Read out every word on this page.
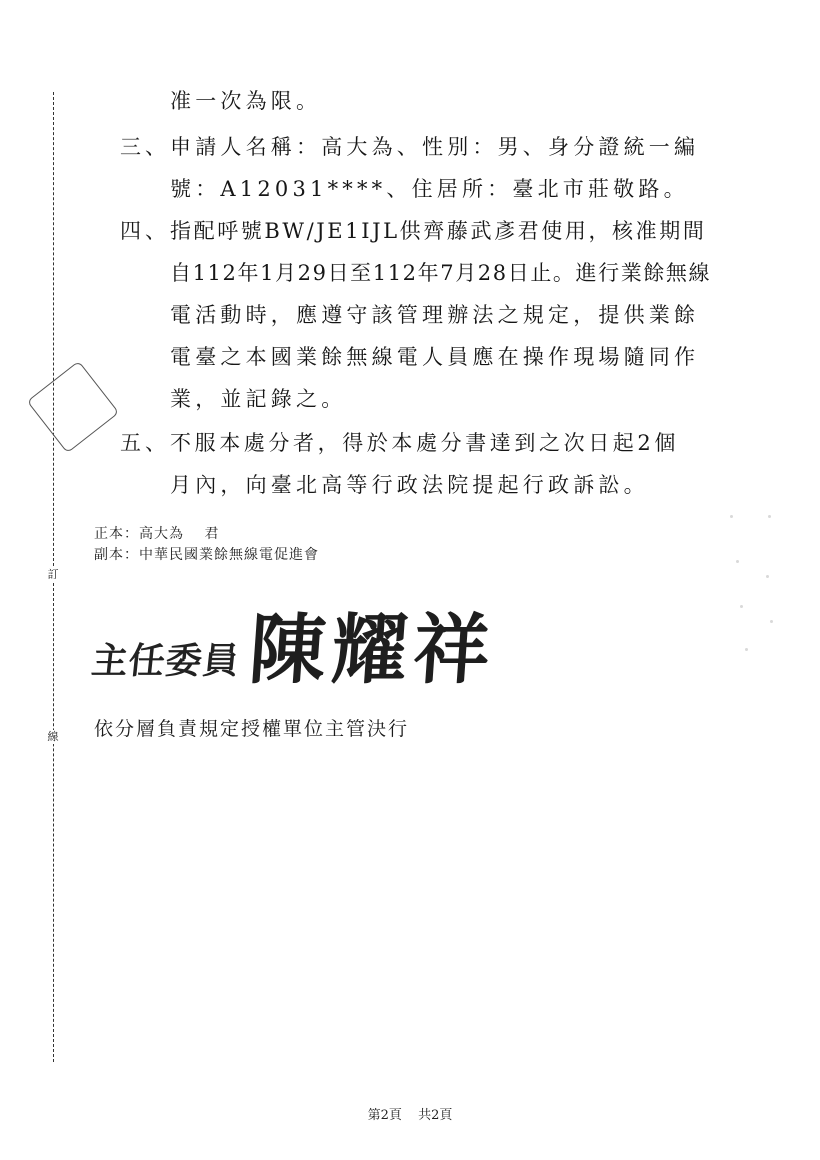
訂
線
准一次為限。
三、 申請人名稱：高大為、性別：男、身分證統一編
號：A12031****、住居所：臺北市莊敬路。
四、 指配呼號BW/JE1IJL供齊藤武彥君使用，核准期間
自112年1月29日至112年7月28日止。進行業餘無線
電活動時，應遵守該管理辦法之規定，提供業餘
電臺之本國業餘無線電人員應在操作現場隨同作
業，並記錄之。
五、 不服本處分者，得於本處分書達到之次日起2個
月內，向臺北高等行政法院提起行政訴訟。
正本：高大為　 君
副本：中華民國業餘無線電促進會
主任委員 陳耀祥
依分層負責規定授權單位主管決行
第2頁 共2頁
